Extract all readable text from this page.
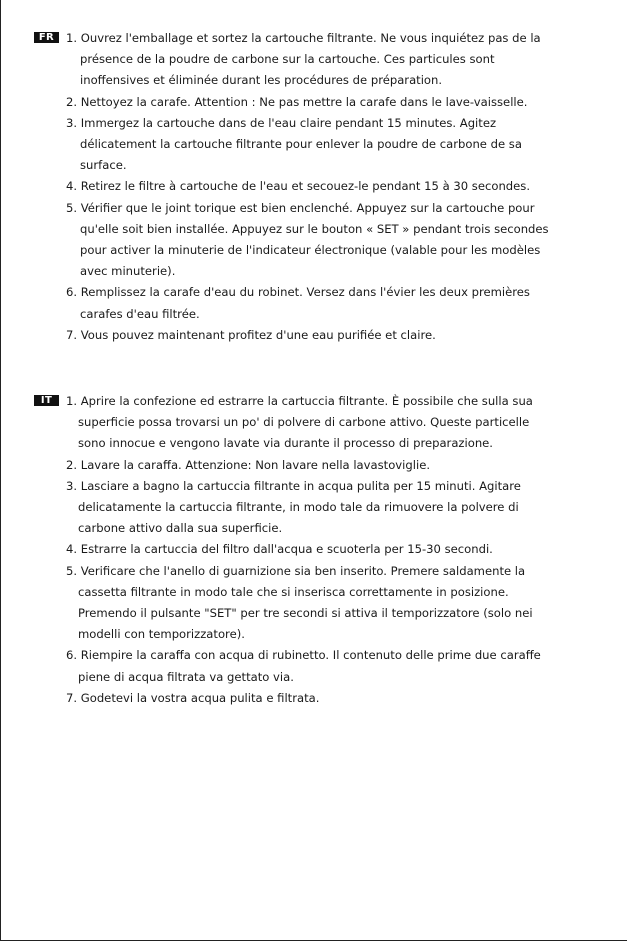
FR	1. Ouvrez l'emballage et sortez la cartouche filtrante. Ne vous inquiétez pas de la
présence de la poudre de carbone sur la cartouche. Ces particules sont
inoffensives et éliminée durant les procédures de préparation.
2. Nettoyez la carafe. Attention : Ne pas mettre la carafe dans le lave-vaisselle.
3. Immergez la cartouche dans de l'eau claire pendant 15 minutes. Agitez
délicatement la cartouche filtrante pour enlever la poudre de carbone de sa
surface.
4. Retirez le filtre à cartouche de l'eau et secouez-le pendant 15 à 30 secondes.
5. Vérifier que le joint torique est bien enclenché. Appuyez sur la cartouche pour
qu'elle soit bien installée. Appuyez sur le bouton « SET » pendant trois secondes
pour activer la minuterie de l'indicateur électronique (valable pour les modèles
avec minuterie).
6. Remplissez la carafe d'eau du robinet. Versez dans l'évier les deux premières
carafes d'eau filtrée.
7. Vous pouvez maintenant profitez d'une eau purifiée et claire.
IT	1. Aprire la confezione ed estrarre la cartuccia filtrante. È possibile che sulla sua
superficie possa trovarsi un po' di polvere di carbone attivo. Queste particelle
sono innocue e vengono lavate via durante il processo di preparazione.
2. Lavare la caraffa. Attenzione: Non lavare nella lavastoviglie.
3. Lasciare a bagno la cartuccia filtrante in acqua pulita per 15 minuti. Agitare
delicatamente la cartuccia filtrante, in modo tale da rimuovere la polvere di
carbone attivo dalla sua superficie.
4. Estrarre la cartuccia del filtro dall'acqua e scuoterla per 15-30 secondi.
5. Verificare che l'anello di guarnizione sia ben inserito. Premere saldamente la
cassetta filtrante in modo tale che si inserisca correttamente in posizione.
Premendo il pulsante "SET" per tre secondi si attiva il temporizzatore (solo nei
modelli con temporizzatore).
6. Riempire la caraffa con acqua di rubinetto. Il contenuto delle prime due caraffe
piene di acqua filtrata va gettato via.
7. Godetevi la vostra acqua pulita e filtrata.
